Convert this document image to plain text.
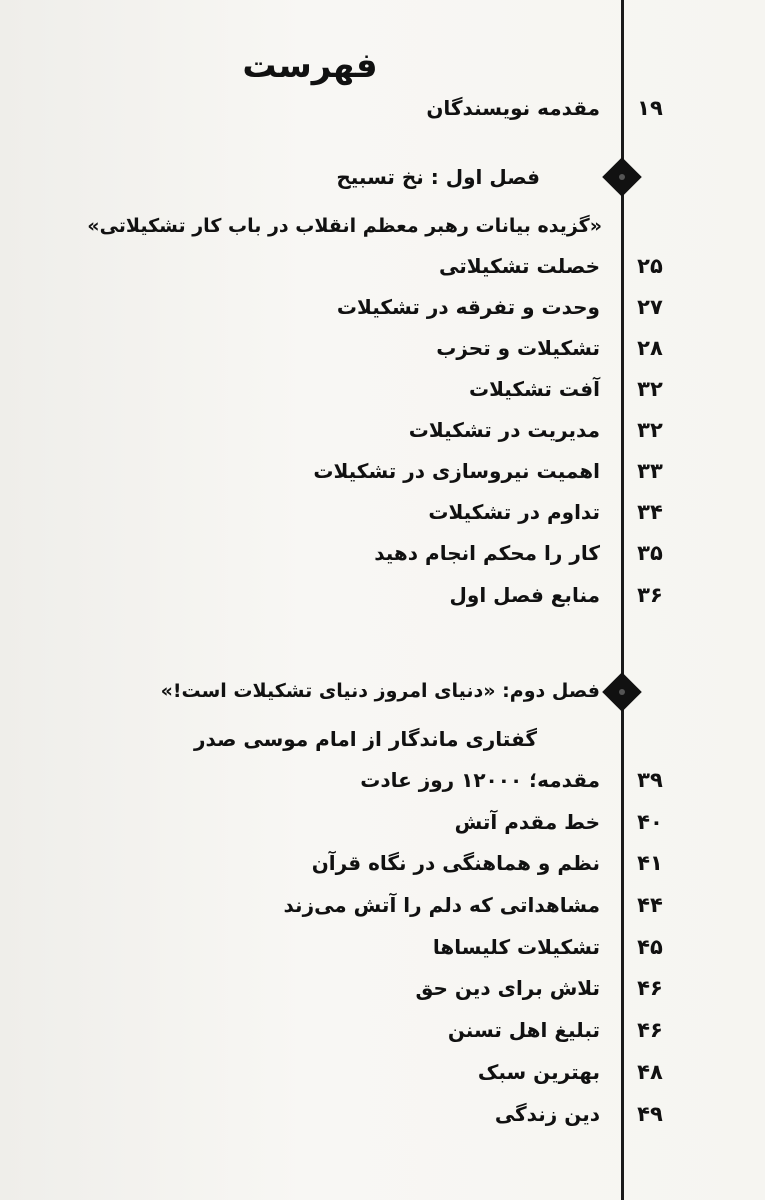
فهرست
۱۹
مقدمه نویسندگان
فصل اول : نخ تسبیح
«گزیده بیانات رهبر معظم انقلاب در باب کار تشکیلاتی»
۲۵
خصلت تشکیلاتی
۲۷
وحدت و تفرقه در تشکیلات
۲۸
تشکیلات و تحزب
۳۲
آفت تشکیلات
۳۲
مدیریت در تشکیلات
۳۳
اهمیت نیروسازی در تشکیلات
۳۴
تداوم در تشکیلات
۳۵
کار را محکم انجام دهید
۳۶
منابع فصل اول
فصل دوم: «دنیای امروز دنیای تشکیلات است!»
گفتاری ماندگار از امام موسی صدر
۳۹
مقدمه؛ ۱۲۰۰۰ روز عادت
۴۰
خط مقدم آتش
۴۱
نظم و هماهنگی در نگاه قرآن
۴۴
مشاهداتی که دلم را آتش می‌زند
۴۵
تشکیلات کلیساها
۴۶
تلاش برای دین حق
۴۶
تبلیغ اهل تسنن
۴۸
بهترین سبک
۴۹
دین زندگی
